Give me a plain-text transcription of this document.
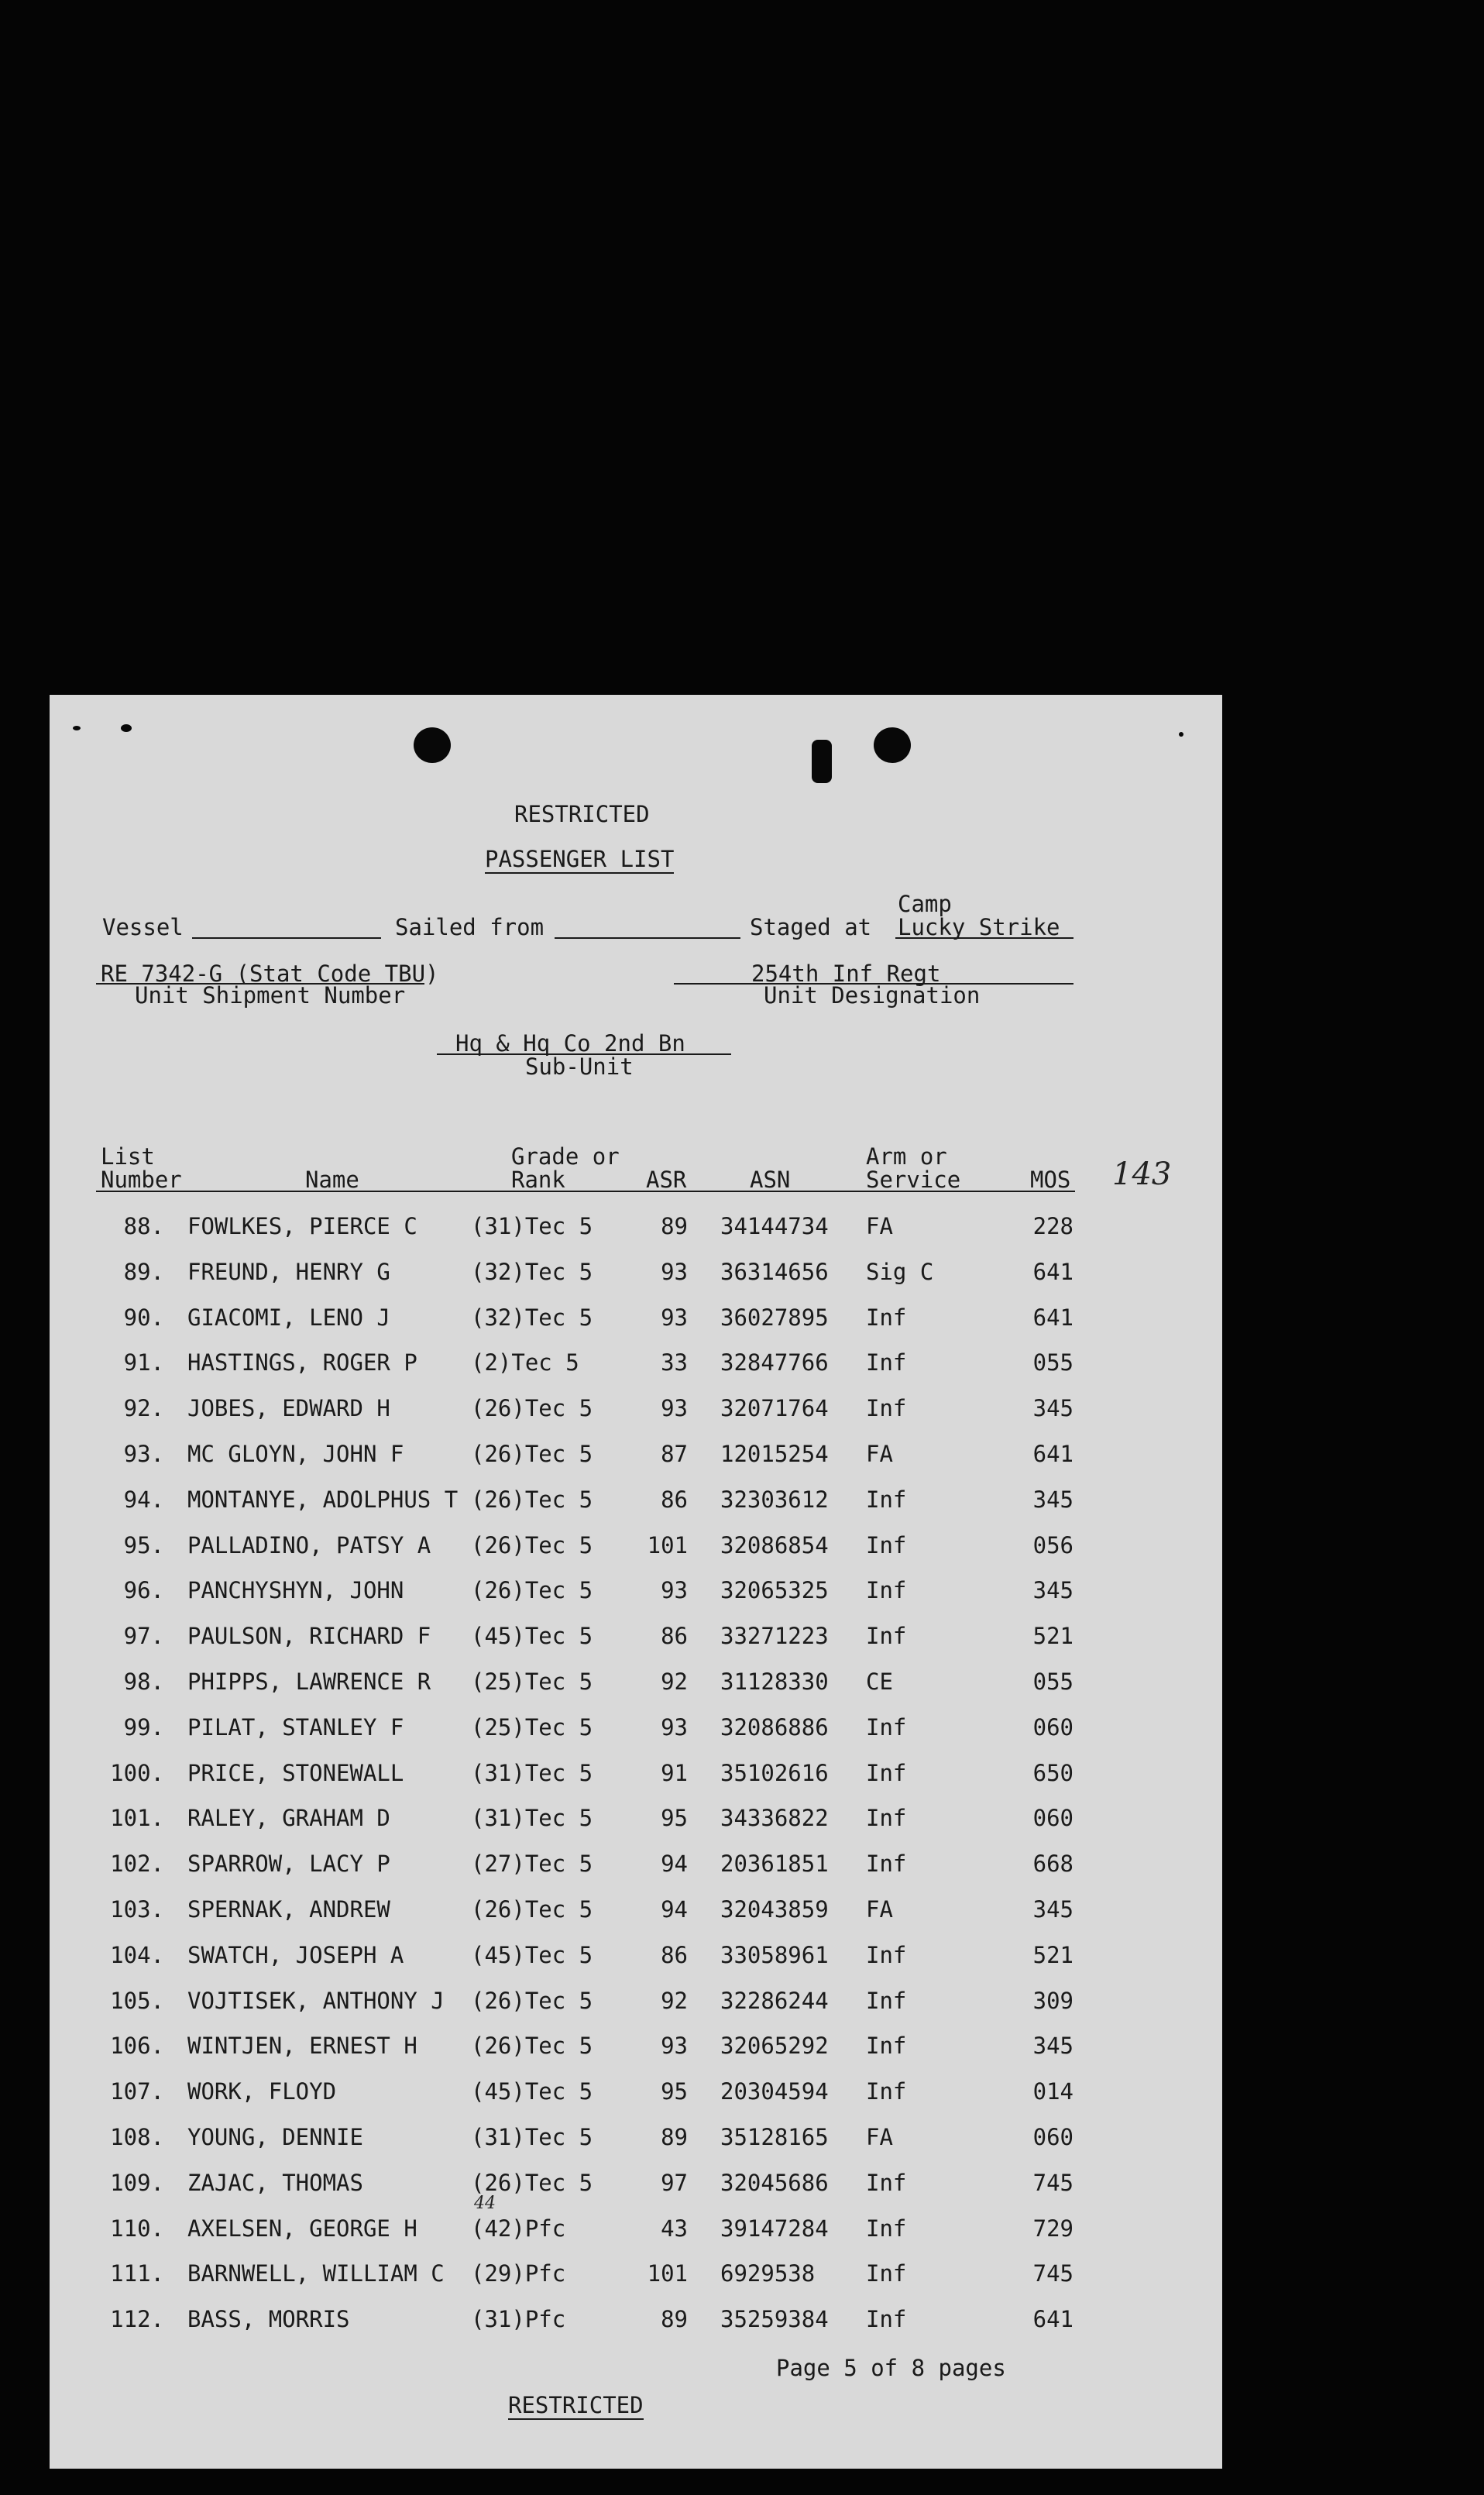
RESTRICTED
PASSENGER LIST
Vessel	Sailed from	Staged at
Camp
Lucky Strike
RE 7342-G (Stat Code TBU)
Unit Shipment Number
254th Inf Regt
Unit Designation
Hq & Hq Co 2nd Bn
Sub-Unit
List
Number	Name
Grade or
Rank	ASR	ASN
Arm or
Service	MOS 143
88. FOWLKES, PIERCE C (31)Tec 5	89 34144734 FA	228
89. FREUND, HENRY G	(32)Tec 5	93 36314656 Sig C	641
90. GIACOMI, LENO J	(32)Tec 5	93 36027895 Inf	641
91. HASTINGS, ROGER P (2)Tec 5	33 32847766 Inf	055
92. JOBES, EDWARD H	(26)Tec 5	93 32071764 Inf	345
93. MC GLOYN, JOHN F	(26)Tec 5	87 12015254 FA	641
94. MONTANYE, ADOLPHUS T (26)Tec 5	86 32303612 Inf	345
95. PALLADINO, PATSY A (26)Tec 5	101 32086854 Inf	056
96. PANCHYSHYN, JOHN	(26)Tec 5	93 32065325 Inf	345
97. PAULSON, RICHARD F (45)Tec 5	86 33271223 Inf	521
98. PHIPPS, LAWRENCE R (25)Tec 5	92 31128330 CE	055
99. PILAT, STANLEY F	(25)Tec 5	93 32086886 Inf	060
100. PRICE, STONEWALL	(31)Tec 5	91 35102616 Inf	650
101. RALEY, GRAHAM D	(31)Tec 5	95 34336822 Inf	060
102. SPARROW, LACY P	(27)Tec 5	94 20361851 Inf	668
103. SPERNAK, ANDREW	(26)Tec 5	94 32043859 FA	345
104. SWATCH, JOSEPH A	(45)Tec 5	86 33058961 Inf	521
105. VOJTISEK, ANTHONY J (26)Tec 5	92 32286244 Inf	309
106. WINTJEN, ERNEST H (26)Tec 5	93 32065292 Inf	345
107. WORK, FLOYD	(45)Tec 5	95 20304594 Inf	014
108. YOUNG, DENNIE	(31)Tec 5	89 35128165 FA	060
109. ZAJAC, THOMAS	(26)Tec 5	97 32045686 Inf	745
110. AXELSEN, GEORGE H (42)Pfc	43 39147284 Inf	729
111. BARNWELL, WILLIAM C (29)Pfc	101 6929538 Inf	745
112. BASS, MORRIS	(31)Pfc	89 35259384 Inf	641
44
Page 5 of 8 pages
RESTRICTED
